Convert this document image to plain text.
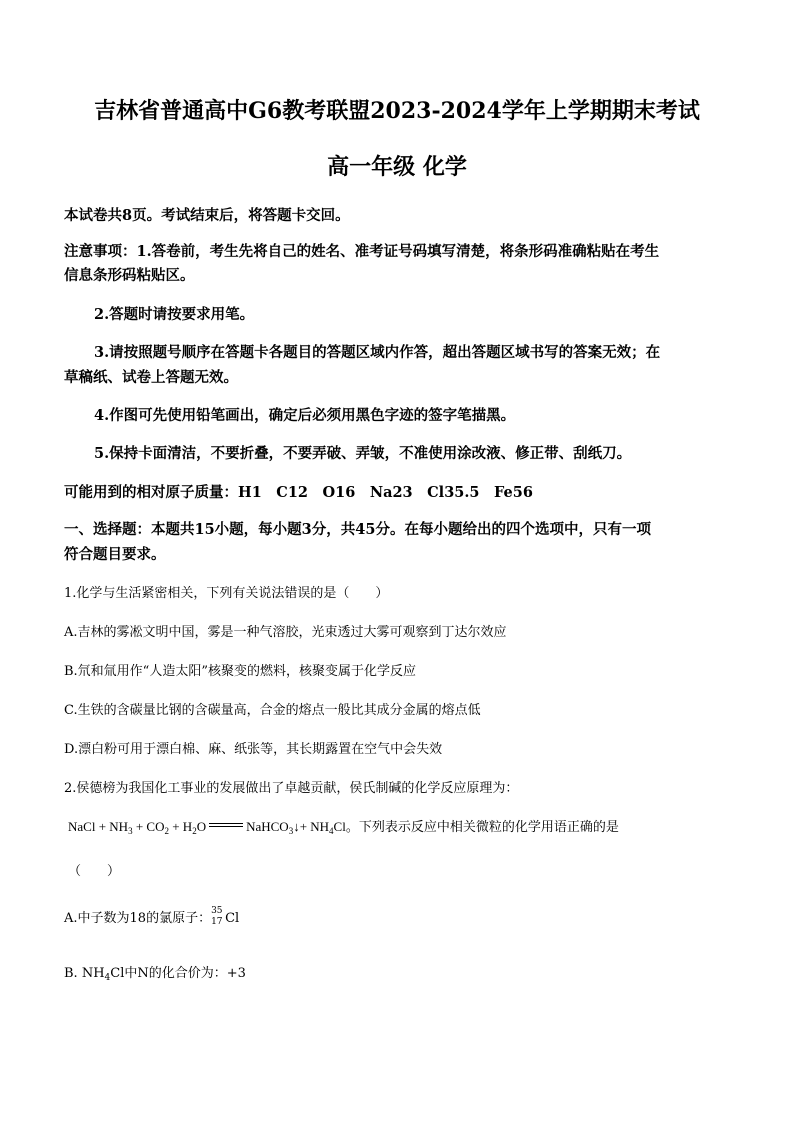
吉林省普通高中G6教考联盟2023-2024学年上学期期末考试
高一年级 化学
本试卷共8页。考试结束后，将答题卡交回。
注意事项：1.答卷前，考生先将自己的姓名、准考证号码填写清楚，将条形码准确粘贴在考生
信息条形码粘贴区。
2.答题时请按要求用笔。
3.请按照题号顺序在答题卡各题目的答题区域内作答，超出答题区域书写的答案无效；在
草稿纸、试卷上答题无效。
4.作图可先使用铅笔画出，确定后必须用黑色字迹的签字笔描黑。
5.保持卡面清洁，不要折叠，不要弄破、弄皱，不准使用涂改液、修正带、刮纸刀。
可能用到的相对原子质量：H1　C12　O16　Na23　Cl35.5　Fe56
一、选择题：本题共15小题，每小题3分，共45分。在每小题给出的四个选项中，只有一项
符合题目要求。
1.化学与生活紧密相关，下列有关说法错误的是（　　）
A.吉林的雾凇文明中国，雾是一种气溶胶，光束透过大雾可观察到丁达尔效应
B.氘和氚用作“人造太阳”核聚变的燃料，核聚变属于化学反应
C.生铁的含碳量比钢的含碳量高，合金的熔点一般比其成分金属的熔点低
D.漂白粉可用于漂白棉、麻、纸张等，其长期露置在空气中会失效
2.侯德榜为我国化工事业的发展做出了卓越贡献，侯氏制碱的化学反应原理为：
NaCl + $NH_3 + CO_2 + H_2O$	NaHCO$_3$↓+ $NH_4Cl$。下列表示反应中相关微粒的化学用语正确的是
（　　）
A.中子数为18的氯原子： 35
17 Cl
B. $NH_4Cl$中N的化合价为：+3
